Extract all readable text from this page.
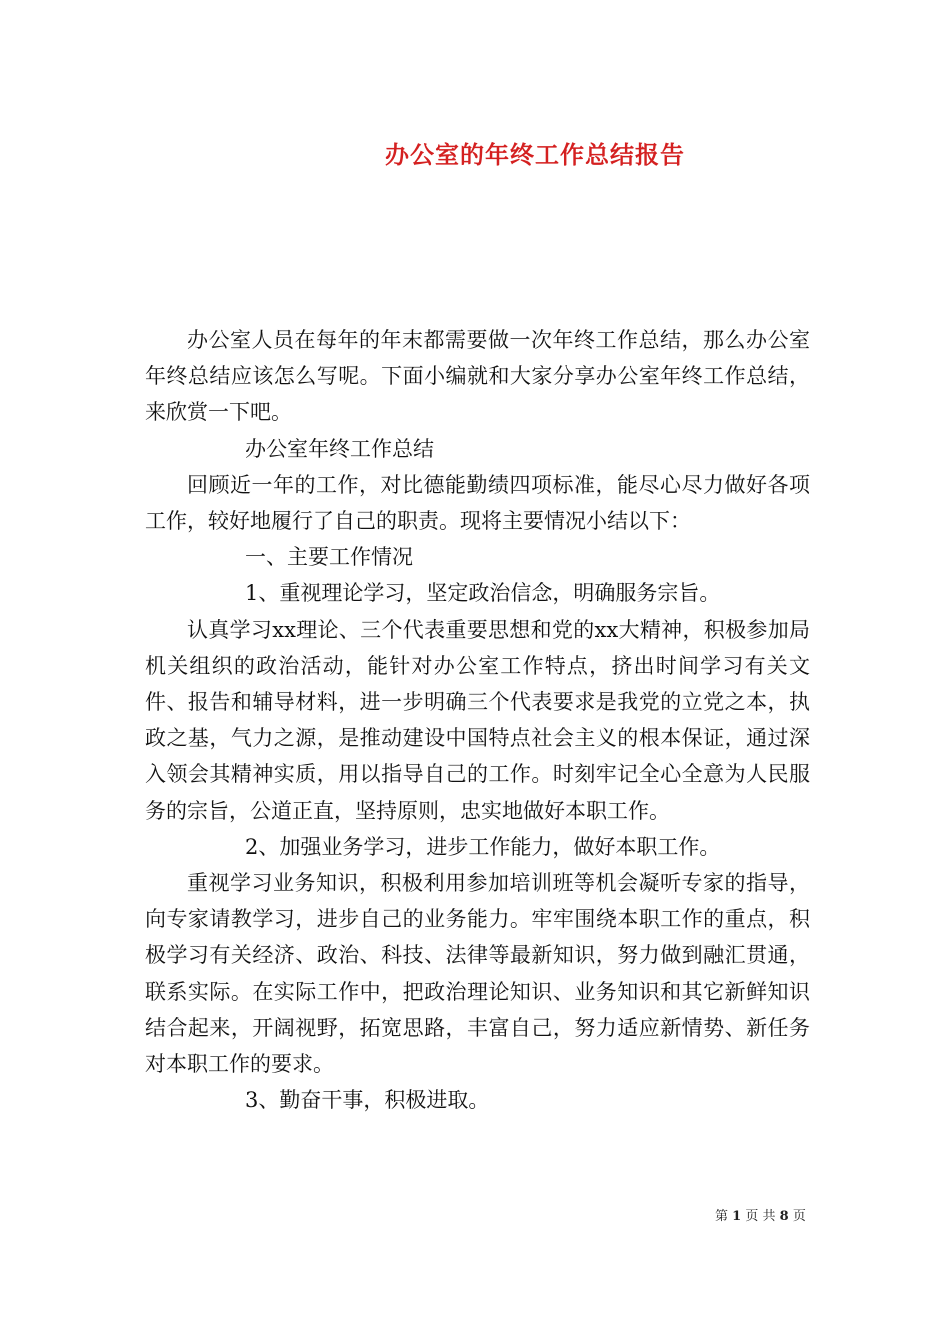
办公室的年终工作总结报告

办公室人员在每年的年末都需要做一次年终工作总结，那么办公室年终总结应该怎么写呢。下面小编就和大家分享办公室年终工作总结，来欣赏一下吧。

办公室年终工作总结

回顾近一年的工作，对比德能勤绩四项标准，能尽心尽力做好各项工作，较好地履行了自己的职责。现将主要情况小结以下：

一、主要工作情况

1、重视理论学习，坚定政治信念，明确服务宗旨。

认真学习xx理论、三个代表重要思想和党的xx大精神，积极参加局机关组织的政治活动，能针对办公室工作特点，挤出时间学习有关文件、报告和辅导材料，进一步明确三个代表要求是我党的立党之本，执政之基，气力之源，是推动建设中国特点社会主义的根本保证，通过深入领会其精神实质，用以指导自己的工作。时刻牢记全心全意为人民服务的宗旨，公道正直，坚持原则，忠实地做好本职工作。

2、加强业务学习，进步工作能力，做好本职工作。

重视学习业务知识，积极利用参加培训班等机会凝听专家的指导，向专家请教学习，进步自己的业务能力。牢牢围绕本职工作的重点，积极学习有关经济、政治、科技、法律等最新知识，努力做到融汇贯通，联系实际。在实际工作中，把政治理论知识、业务知识和其它新鲜知识结合起来，开阔视野，拓宽思路，丰富自己，努力适应新情势、新任务对本职工作的要求。

3、勤奋干事，积极进取。

第 1 页 共 8 页
